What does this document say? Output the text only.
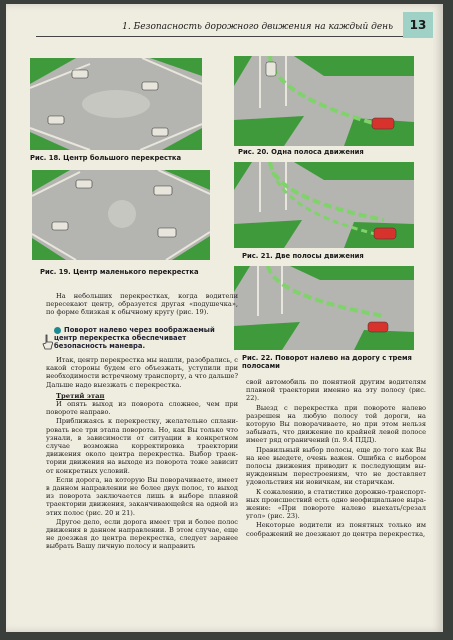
1. Безопасность дорожного движения на каждый день	13
Рис. 18. Центр большого перекрестка
Рис. 19. Центр маленького перекрестка
Рис. 20. Одна полоса движения
Рис. 21. Две полосы движения
Рис. 22. Поворот налево на дорогу с тремя
полосами

На небольших перекрестках, когда водители пересекают центр, образуется другая «подушечка», по форме близкая к обычному кругу (рис. 19).

Поворот налево через воображаемый центр перекрестка обеспечивает безопасность маневра.

Итак, центр перекрестка мы нашли, разобрались, с какой стороны будем его объезжать, уступили при необходимости встречному транспорту, а что дальше? Дальше надо выезжать с перекрестка.

Третий этап

И опять выход из поворота сложнее, чем при повороте направо.

Приближаясь к перекрестку, желательно спланировать все три этапа поворота. Но, как Вы только что узнали, в зависимости от ситуации в конкретном случае возможна корректировка траектории движения около центра перекрестка. Выбор траектории движения на выходе из поворота тоже зависит от конкретных условий.

Если дорога, на которую Вы поворачиваете, имеет в данном направлении не более двух полос, то выход из поворота заключается лишь в выборе плавной траектории движения, заканчивающейся на одной из этих полос (рис. 20 и 21).

Другое дело, если дорога имеет три и более полос движения в данном направлении. В этом случае, еще не доезжая до центра перекрестка, следует заранее выбрать Вашу личную полосу и направить

свой автомобиль по понятной другим водителям плавной траектории именно на эту полосу (рис. 22).

Выезд с перекрестка при повороте налево разрешен на любую полосу той дороги, на которую Вы поворачиваете, но при этом нельзя забывать, что движение по крайней левой полосе имеет ряд ограничений (п. 9.4 ПДД).

Правильный выбор полосы, еще до того как Вы на нее выедете, очень важен. Ошибка с выбором полосы движения приводит к последующим вынужденным перестроениям, что не доставляет удовольствия ни новичкам, ни старичкам.

К сожалению, в статистике дорожно-транспортных происшествий есть одно неофициальное выражение: «При повороте налево выехать/срезал угол» (рис. 23).

Некоторые водители из понятных только им соображений не доезжают до центра перекрестка,
